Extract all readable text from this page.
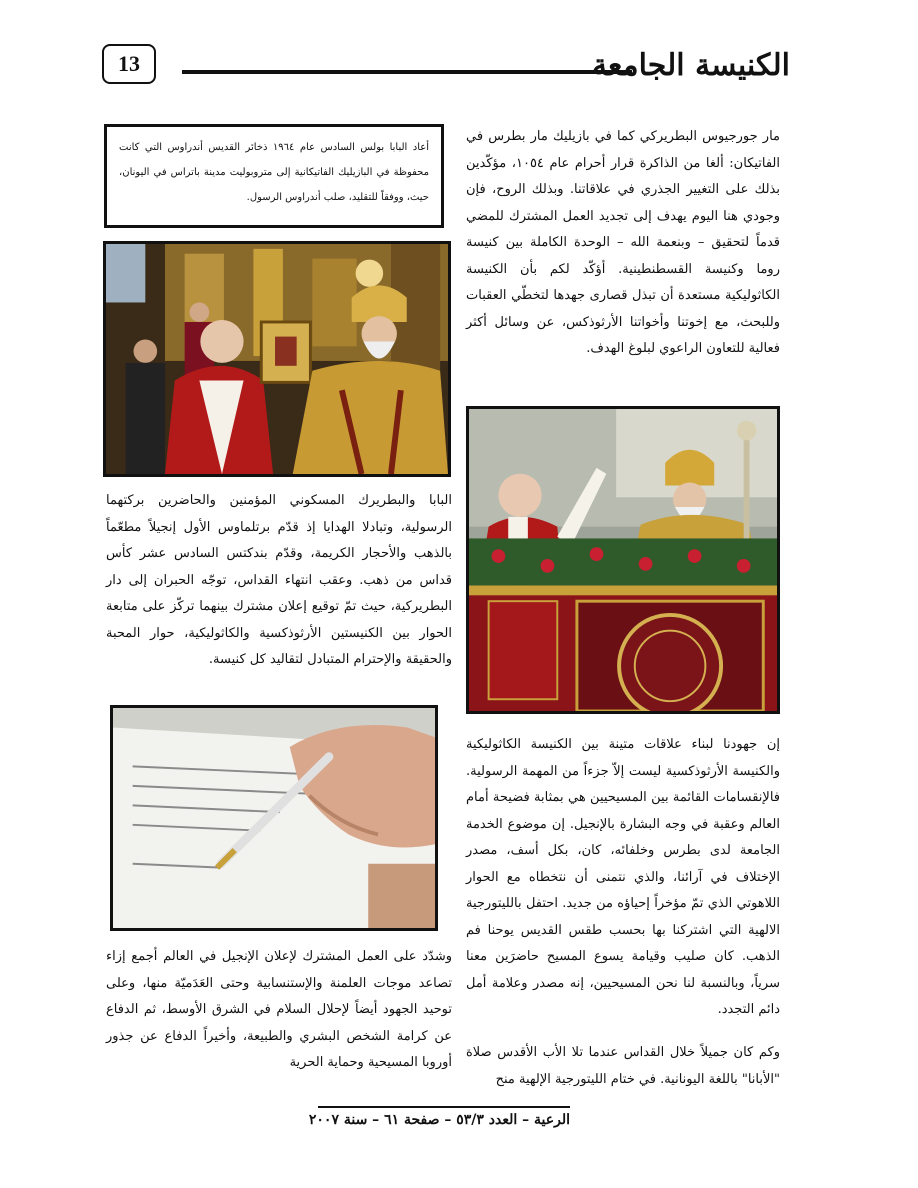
13	الكنيسة الجامعة
أعاد البابا بولس السادس عام ١٩٦٤ ذخائر القديس أندراوس التي كانت محفوظة في البازيليك الفاتيكانية إلى متروبوليت مدينة باتراس في اليونان، حيث، ووفقاً للتقليد، صلب أندراوس الرسول.
مار جورجيوس البطريركي كما في بازيليك مار بطرس في الفاتيكان: ألغا من الذاكرة قرار أحرام عام ١٠٥٤، مؤكّدين بذلك على التغيير الجذري في علاقاتنا. وبذلك الروح، فإن وجودي هنا اليوم يهدف إلى تجديد العمل المشترك للمضي قدماً لتحقيق – وبنعمة الله – الوحدة الكاملة بين كنيسة روما وكنيسة القسطنطينية. أؤكّد لكم بأن الكنيسة الكاثوليكية مستعدة أن تبذل قصارى جهدها لتخطّي العقبات وللبحث، مع إخوتنا وأخواتنا الأرثوذكس، عن وسائل أكثر فعالية للتعاون الراعوي لبلوغ الهدف.
إن جهودنا لبناء علاقات متينة بين الكنيسة الكاثوليكية والكنيسة الأرثوذكسية ليست إلاّ جزءاً من المهمة الرسولية. فالإنقسامات القائمة بين المسيحيين هي بمثابة فضيحة أمام العالم وعقبة في وجه البشارة بالإنجيل. إن موضوع الخدمة الجامعة لدى بطرس وخلفائه، كان، بكل أسف، مصدر الإختلاف في آرائنا، والذي نتمنى أن نتخطاه مع الحوار اللاهوتي الذي تمّ مؤخراً إحياؤه من جديد. احتفل بالليتورجية الالهية التي اشتركنا بها بحسب طقس القديس يوحنا فم الذهب. كان صليب وقيامة يسوع المسيح حاضرَين معنا سرياً، وبالنسبة لنا نحن المسيحيين، إنه مصدر وعلامة أمل دائم التجدد.
وكم كان جميلاً خلال القداس عندما تلا الأب الأقدس صلاة "الأبانا" باللغة اليونانية. في ختام الليتورجية الإلهية منح
البابا والبطريرك المسكوني المؤمنين والحاضرين بركتهما الرسولية، وتبادلا الهدايا إذ قدّم برتلماوس الأول إنجيلاً مطعّماً بالذهب والأحجار الكريمة، وقدّم بندكتس السادس عشر كأس قداس من ذهب. وعقب انتهاء القداس، توجّه الحبران إلى دار البطريركية، حيث تمّ توقيع إعلان مشترك بينهما تركّز على متابعة الحوار بين الكنيستين الأرثوذكسية والكاثوليكية، حوار المحبة والحقيقة والإحترام المتبادل لتقاليد كل كنيسة.
وشدّد على العمل المشترك لإعلان الإنجيل في العالم أجمع إزاء تصاعد موجات العلمنة والإستنسابية وحتى العَدَميّة منها، وعلى توحيد الجهود أيضاً لإحلال السلام في الشرق الأوسط، ثم الدفاع عن كرامة الشخص البشري والطبيعة، وأخيراً الدفاع عن جذور أوروبا المسيحية وحماية الحرية
الرعية – العدد ٥٣/٣ – صفحة ٦١ – سنة ٢٠٠٧
